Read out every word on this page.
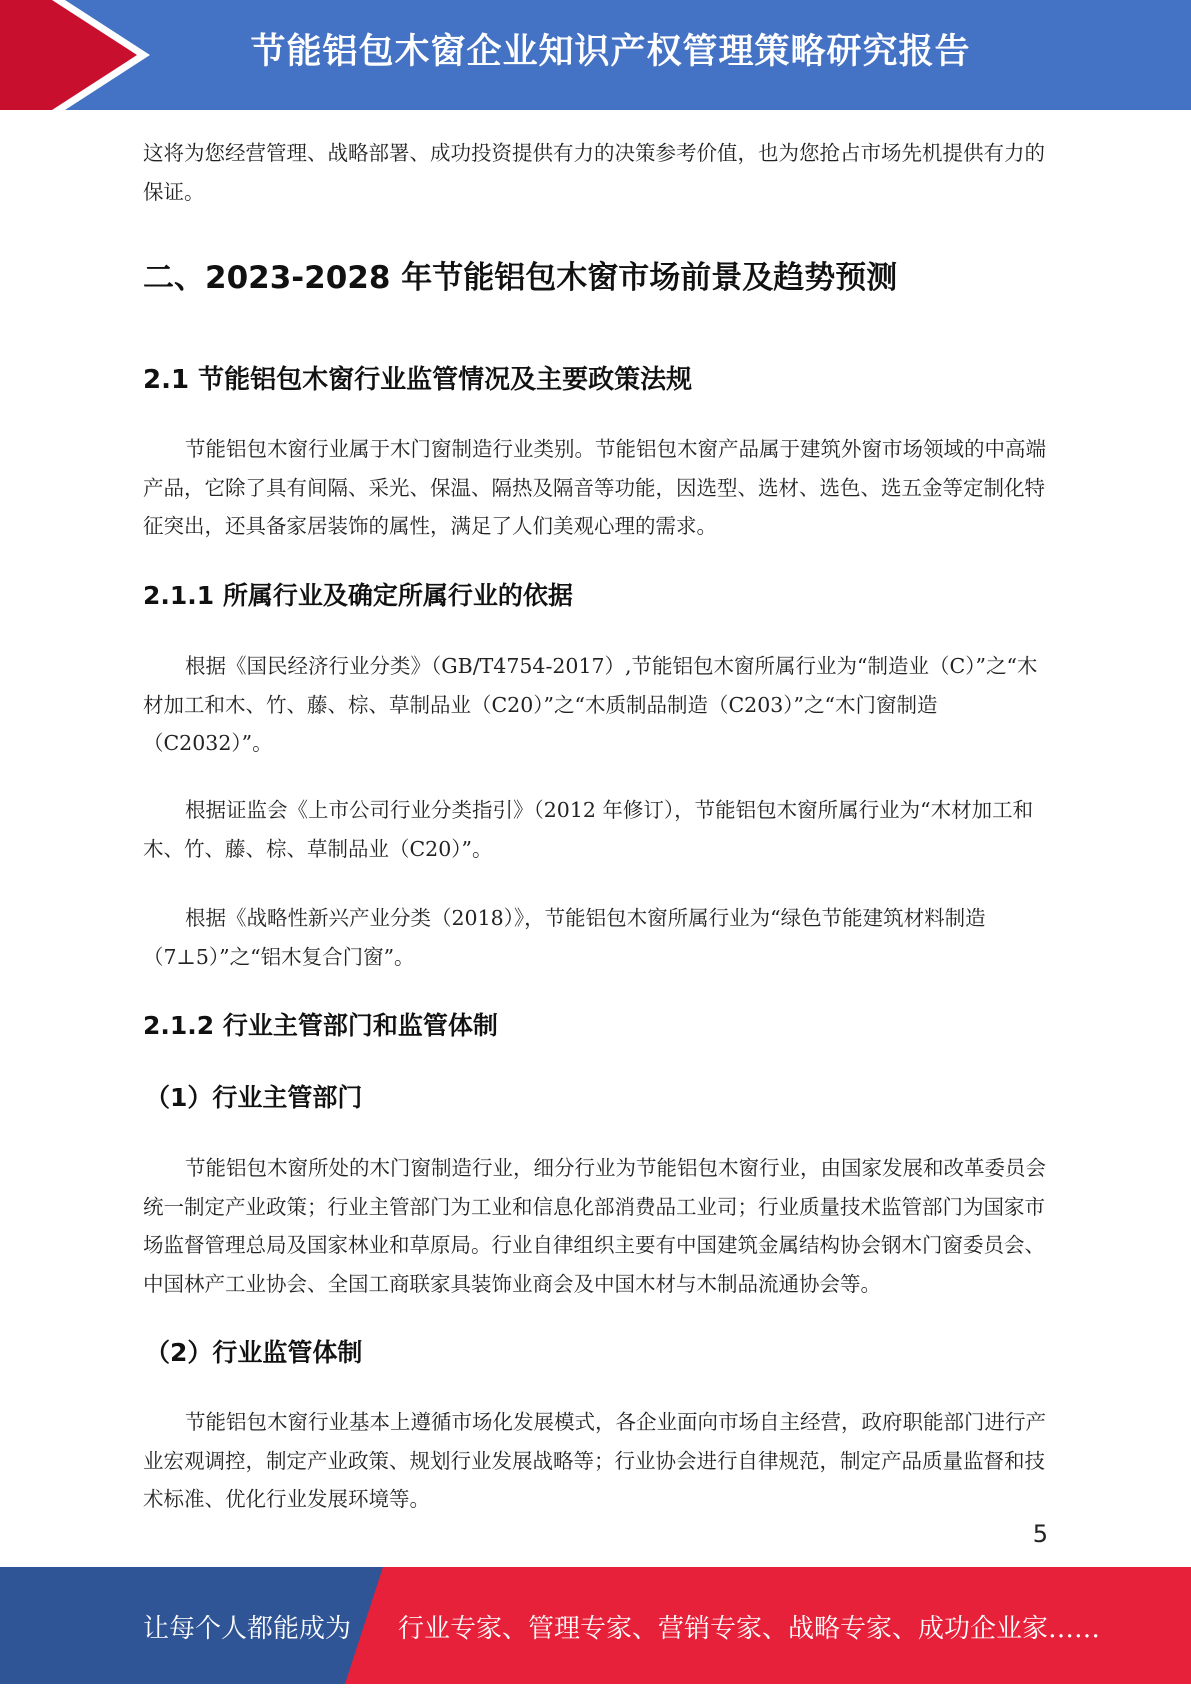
节能铝包木窗企业知识产权管理策略研究报告
这将为您经营管理、战略部署、成功投资提供有力的决策参考价值，也为您抢占市场先机提供有力的保证。
二、2023-2028 年节能铝包木窗市场前景及趋势预测
2.1 节能铝包木窗行业监管情况及主要政策法规
节能铝包木窗行业属于木门窗制造行业类别。节能铝包木窗产品属于建筑外窗市场领域的中高端产品，它除了具有间隔、采光、保温、隔热及隔音等功能，因选型、选材、选色、选五金等定制化特征突出，还具备家居装饰的属性，满足了人们美观心理的需求。
2.1.1 所属行业及确定所属行业的依据
根据《国民经济行业分类》（GB/T4754-2017）,节能铝包木窗所属行业为“制造业（C）”之“木材加工和木、竹、藤、棕、草制品业（C20）”之“木质制品制造（C203）”之“木门窗制造（C2032）”。
根据证监会《上市公司行业分类指引》（2012 年修订），节能铝包木窗所属行业为“木材加工和木、竹、藤、棕、草制品业（C20）”。
根据《战略性新兴产业分类（2018）》，节能铝包木窗所属行业为“绿色节能建筑材料制造（7⊥5）”之“铝木复合门窗”。
2.1.2 行业主管部门和监管体制
（1）行业主管部门
节能铝包木窗所处的木门窗制造行业，细分行业为节能铝包木窗行业，由国家发展和改革委员会统一制定产业政策；行业主管部门为工业和信息化部消费品工业司；行业质量技术监管部门为国家市场监督管理总局及国家林业和草原局。行业自律组织主要有中国建筑金属结构协会钢木门窗委员会、中国林产工业协会、全国工商联家具装饰业商会及中国木材与木制品流通协会等。
（2）行业监管体制
节能铝包木窗行业基本上遵循市场化发展模式，各企业面向市场自主经营，政府职能部门进行产业宏观调控，制定产业政策、规划行业发展战略等；行业协会进行自律规范，制定产品质量监督和技术标准、优化行业发展环境等。
5
让每个人都能成为 行业专家、管理专家、营销专家、战略专家、成功企业家……
